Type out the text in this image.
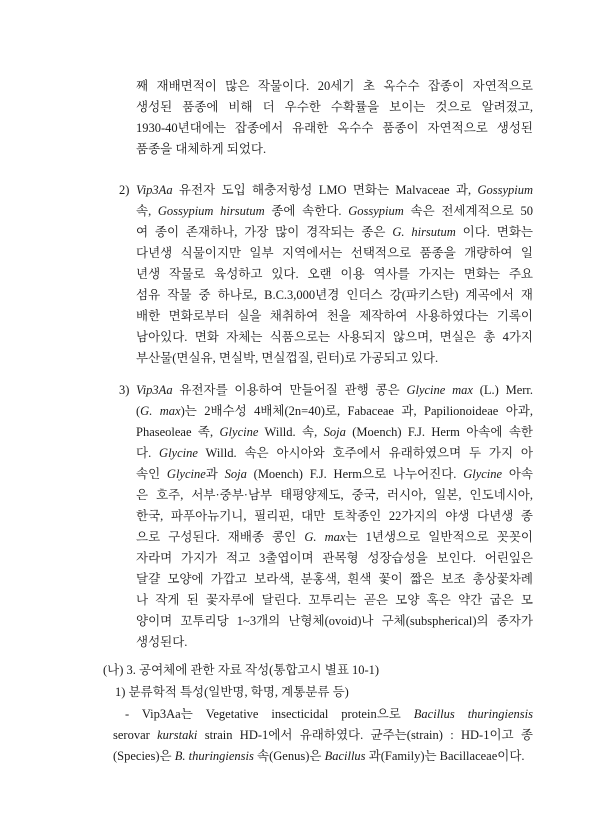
째 재배면적이 많은 작물이다. 20세기 초 옥수수 잡종이 자연적으로
생성된 품종에 비해 더 우수한 수확률을 보이는 것으로 알려졌고,
1930-40년대에는 잡종에서 유래한 옥수수 품종이 자연적으로 생성된
품종을 대체하게 되었다.
2) Vip3Aa 유전자 도입 해충저항성 LMO 면화는 Malvaceae 과, Gossypium
속, Gossypium hirsutum 종에 속한다. Gossypium 속은 전세계적으로 50
여 종이 존재하나, 가장 많이 경작되는 종은 G. hirsutum 이다. 면화는
다년생 식물이지만 일부 지역에서는 선택적으로 품종을 개량하여 일
년생 작물로 육성하고 있다. 오랜 이용 역사를 가지는 면화는 주요
섬유 작물 중 하나로, B.C.3,000년경 인더스 강(파키스탄) 계곡에서 재
배한 면화로부터 실을 채취하여 천을 제작하여 사용하였다는 기록이
남아있다. 면화 자체는 식품으로는 사용되지 않으며, 면실은 총 4가지
부산물(면실유, 면실박, 면실껍질, 린터)로 가공되고 있다.
3) Vip3Aa 유전자를 이용하여 만들어질 관행 콩은 Glycine max (L.) Merr.
(G. max)는 2배수성 4배체(2n=40)로, Fabaceae 과, Papilionoideae 아과,
Phaseoleae 족, Glycine Willd. 속, Soja (Moench) F.J. Herm 아속에 속한
다. Glycine Willd. 속은 아시아와 호주에서 유래하였으며 두 가지 아
속인 Glycine과 Soja (Moench) F.J. Herm으로 나누어진다. Glycine 아속
은 호주, 서부·중부·남부 태평양제도, 중국, 러시아, 일본, 인도네시아,
한국, 파푸아뉴기니, 필리핀, 대만 토착종인 22가지의 야생 다년생 종
으로 구성된다. 재배종 콩인 G. max는 1년생으로 일반적으로 꼿꼿이
자라며 가지가 적고 3출엽이며 관목형 성장습성을 보인다. 어린잎은
달걀 모양에 가깝고 보라색, 분홍색, 흰색 꽃이 짧은 보조 총상꽃차례
나 작게 된 꽃자루에 달린다. 꼬투리는 곧은 모양 혹은 약간 굽은 모
양이며 꼬투리당 1~3개의 난형체(ovoid)나 구체(subspherical)의 종자가
생성된다.
(나) 3. 공여체에 관한 자료 작성(통합고시 별표 10-1)
1) 분류학적 특성(일반명, 학명, 계통분류 등)
- Vip3Aa는 Vegetative insecticidal protein으로 Bacillus thuringiensis
serovar kurstaki strain HD-1에서 유래하였다. 균주는(strain) : HD-1이고 종
(Species)은 B. thuringiensis 속(Genus)은 Bacillus 과(Family)는 Bacillaceae이다.
